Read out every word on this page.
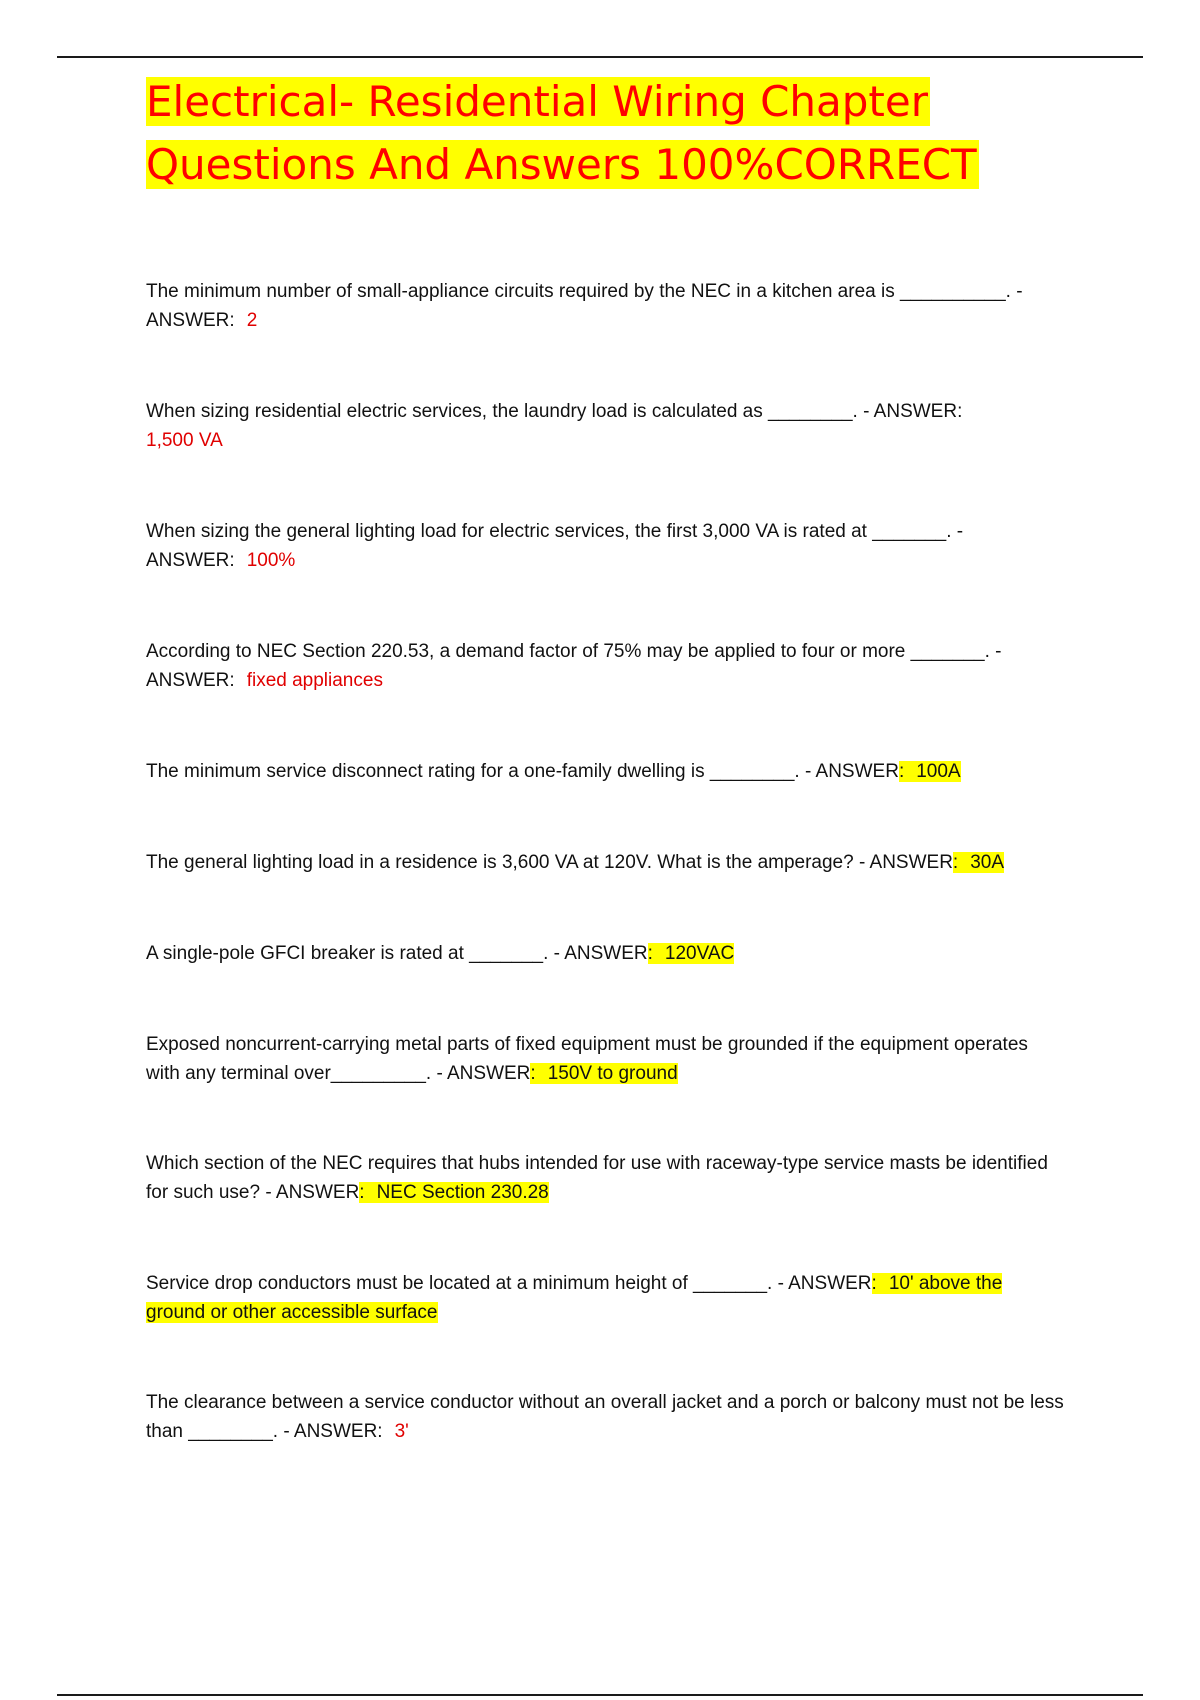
Electrical- Residential Wiring Chapter
Questions And Answers 100%CORRECT

The minimum number of small-appliance circuits required by the NEC in a kitchen area is __________. - ANSWER: 2

When sizing residential electric services, the laundry load is calculated as ________. - ANSWER:
1,500 VA

When sizing the general lighting load for electric services, the first 3,000 VA is rated at _______. - ANSWER: 100%

According to NEC Section 220.53, a demand factor of 75% may be applied to four or more _______. - ANSWER: fixed appliances

The minimum service disconnect rating for a one-family dwelling is ________. - ANSWER: 100A

The general lighting load in a residence is 3,600 VA at 120V. What is the amperage? - ANSWER: 30A

A single-pole GFCI breaker is rated at _______. - ANSWER: 120VAC

Exposed noncurrent-carrying metal parts of fixed equipment must be grounded if the equipment operates with any terminal over_________. - ANSWER: 150V to ground

Which section of the NEC requires that hubs intended for use with raceway-type service masts be identified for such use? - ANSWER: NEC Section 230.28

Service drop conductors must be located at a minimum height of _______. - ANSWER: 10' above the ground or other accessible surface

The clearance between a service conductor without an overall jacket and a porch or balcony must not be less than ________. - ANSWER: 3'
